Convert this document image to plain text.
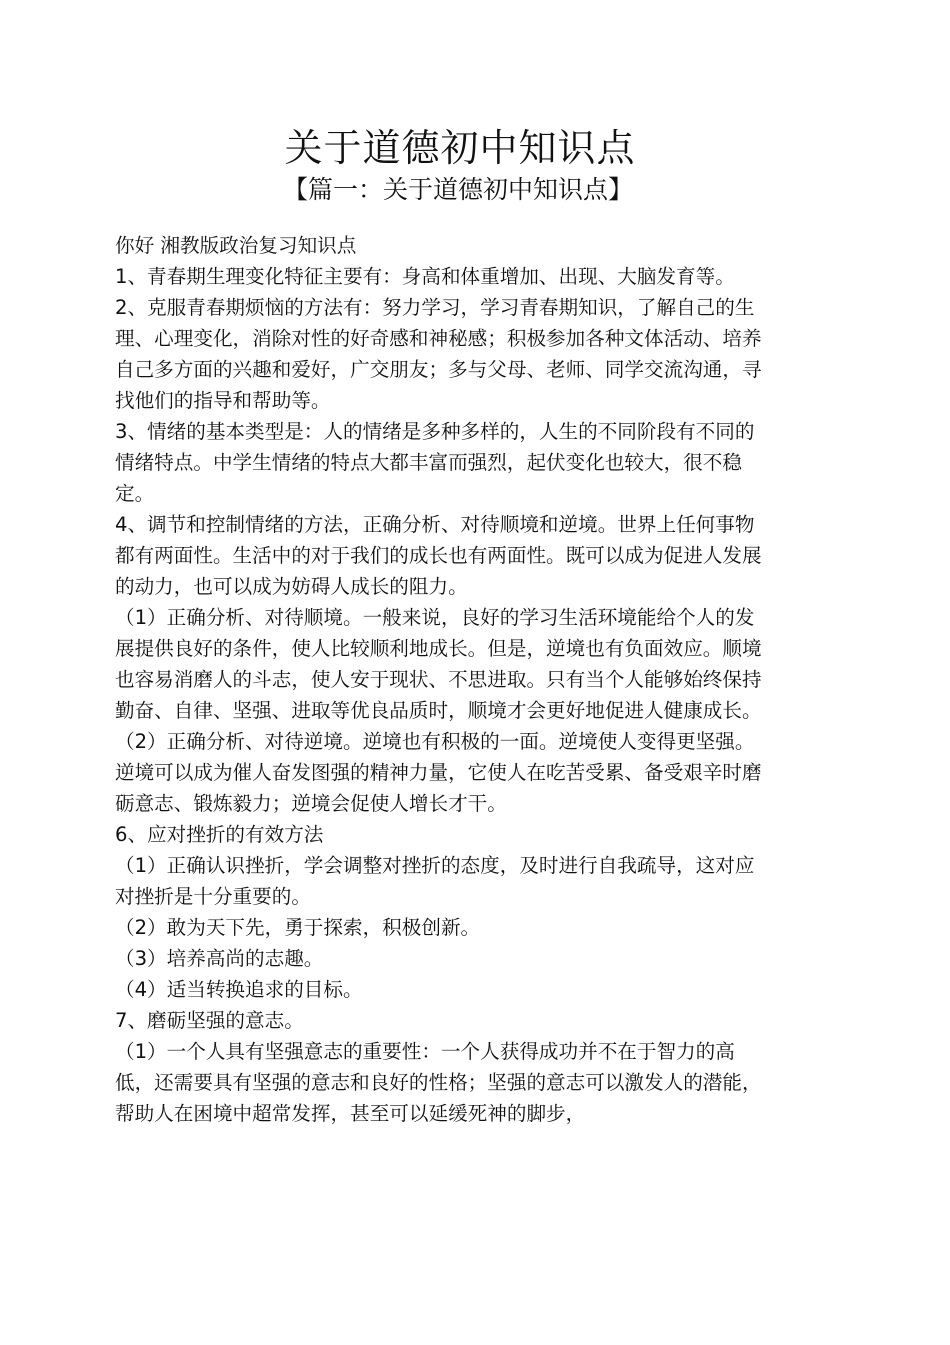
关于道德初中知识点
【篇一：关于道德初中知识点】

你好 湘教版政治复习知识点

1、青春期生理变化特征主要有：身高和体重增加、出现、大脑发育等。

2、克服青春期烦恼的方法有：努力学习，学习青春期知识，了解自己的生理、心理变化，消除对性的好奇感和神秘感；积极参加各种文体活动、培养自己多方面的兴趣和爱好，广交朋友；多与父母、老师、同学交流沟通，寻找他们的指导和帮助等。

3、情绪的基本类型是：人的情绪是多种多样的，人生的不同阶段有不同的情绪特点。中学生情绪的特点大都丰富而强烈，起伏变化也较大，很不稳定。

4、调节和控制情绪的方法，正确分析、对待顺境和逆境。世界上任何事物都有两面性。生活中的对于我们的成长也有两面性。既可以成为促进人发展的动力，也可以成为妨碍人成长的阻力。

（1）正确分析、对待顺境。一般来说，良好的学习生活环境能给个人的发展提供良好的条件，使人比较顺利地成长。但是，逆境也有负面效应。顺境也容易消磨人的斗志，使人安于现状、不思进取。只有当个人能够始终保持勤奋、自律、坚强、进取等优良品质时，顺境才会更好地促进人健康成长。

（2）正确分析、对待逆境。逆境也有积极的一面。逆境使人变得更坚强。逆境可以成为催人奋发图强的精神力量，它使人在吃苦受累、备受艰辛时磨砺意志、锻炼毅力；逆境会促使人增长才干。

6、应对挫折的有效方法

（1）正确认识挫折，学会调整对挫折的态度，及时进行自我疏导，这对应对挫折是十分重要的。

（2）敢为天下先，勇于探索，积极创新。

（3）培养高尚的志趣。

（4）适当转换追求的目标。

7、磨砺坚强的意志。

（1）一个人具有坚强意志的重要性：一个人获得成功并不在于智力的高低，还需要具有坚强的意志和良好的性格；坚强的意志可以激发人的潜能，帮助人在困境中超常发挥，甚至可以延缓死神的脚步，
